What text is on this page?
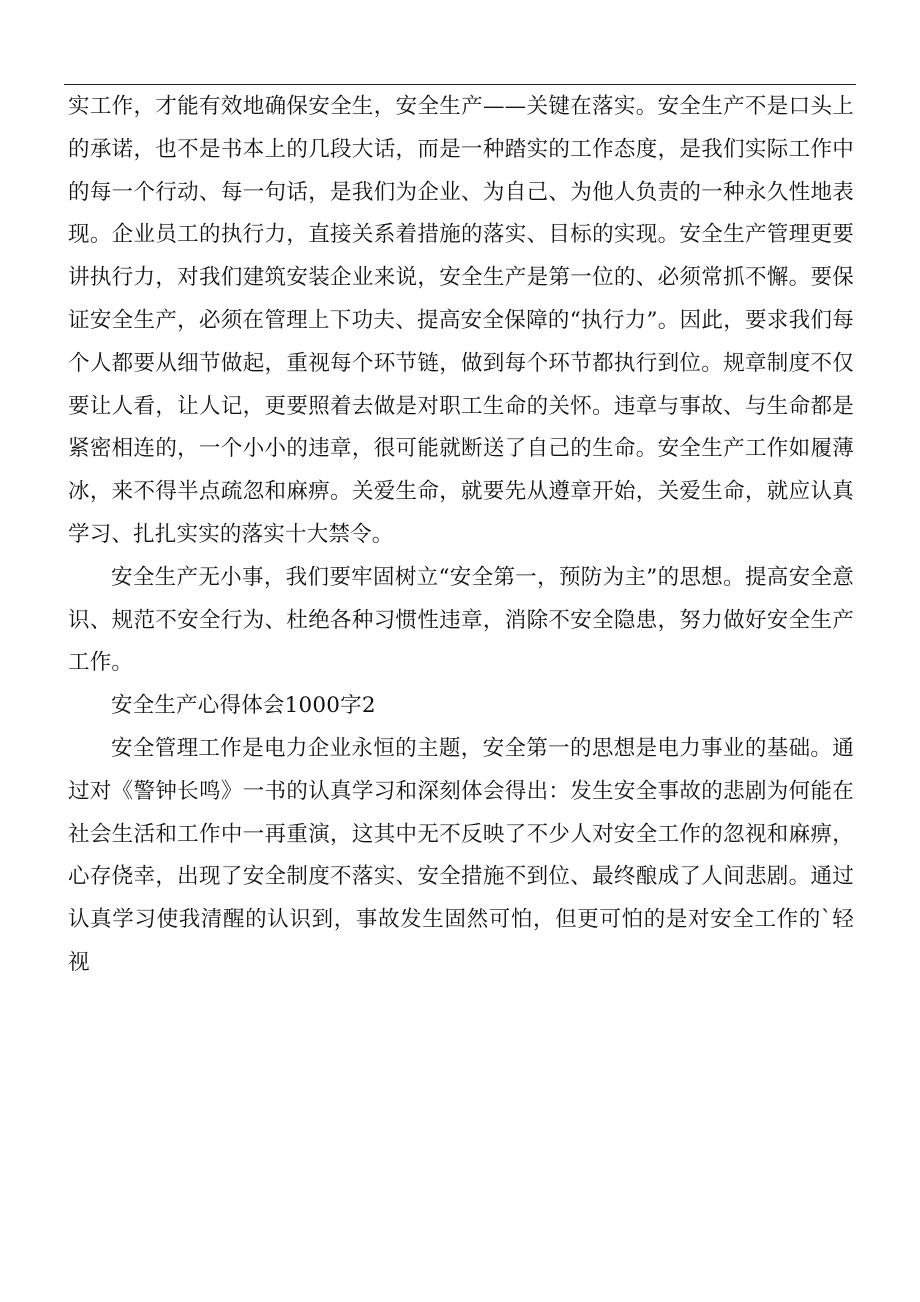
实工作，才能有效地确保安全生，安全生产——关键在落实。安全生产不是口头上的承诺，也不是书本上的几段大话，而是一种踏实的工作态度，是我们实际工作中的每一个行动、每一句话，是我们为企业、为自己、为他人负责的一种永久性地表现。企业员工的执行力，直接关系着措施的落实、目标的实现。安全生产管理更要讲执行力，对我们建筑安装企业来说，安全生产是第一位的、必须常抓不懈。要保证安全生产，必须在管理上下功夫、提高安全保障的“执行力”。因此，要求我们每个人都要从细节做起，重视每个环节链，做到每个环节都执行到位。规章制度不仅要让人看，让人记，更要照着去做是对职工生命的关怀。违章与事故、与生命都是紧密相连的，一个小小的违章，很可能就断送了自己的生命。安全生产工作如履薄冰，来不得半点疏忽和麻痹。关爱生命，就要先从遵章开始，关爱生命，就应认真学习、扎扎实实的落实十大禁令。

安全生产无小事，我们要牢固树立“安全第一，预防为主”的思想。提高安全意识、规范不安全行为、杜绝各种习惯性违章，消除不安全隐患，努力做好安全生产工作。

安全生产心得体会1000字2

安全管理工作是电力企业永恒的主题，安全第一的思想是电力事业的基础。通过对《警钟长鸣》一书的认真学习和深刻体会得出：发生安全事故的悲剧为何能在社会生活和工作中一再重演，这其中无不反映了不少人对安全工作的忽视和麻痹，心存侥幸，出现了安全制度不落实、安全措施不到位、最终酿成了人间悲剧。通过认真学习使我清醒的认识到，事故发生固然可怕，但更可怕的是对安全工作的`轻视
